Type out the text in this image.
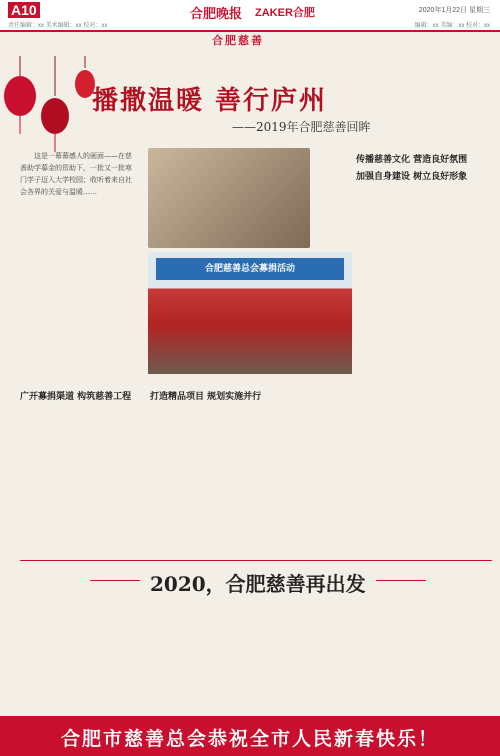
A10	合肥晚报 ZAKER合肥	2020年1月22日 星期三
责任编辑：xx 美术编辑：xx 校对：xx	编辑：xx 美编：xx 校对：xx
合肥慈善
播撒温暖 善行庐州
——2019年合肥慈善回眸
这是一幕幕感人的画面——在慈善助学募金的资助下，一批又一批寒门学子迈入大学校园；收听着来自社会各界的关爱与温暖……
合肥慈善总会募捐活动
传播慈善文化 营造良好氛围
加强自身建设 树立良好形象
广开募捐渠道 构筑慈善工程	打造精品项目 规划实施并行
2020，合肥慈善再出发
合肥市慈善总会恭祝全市人民新春快乐！
